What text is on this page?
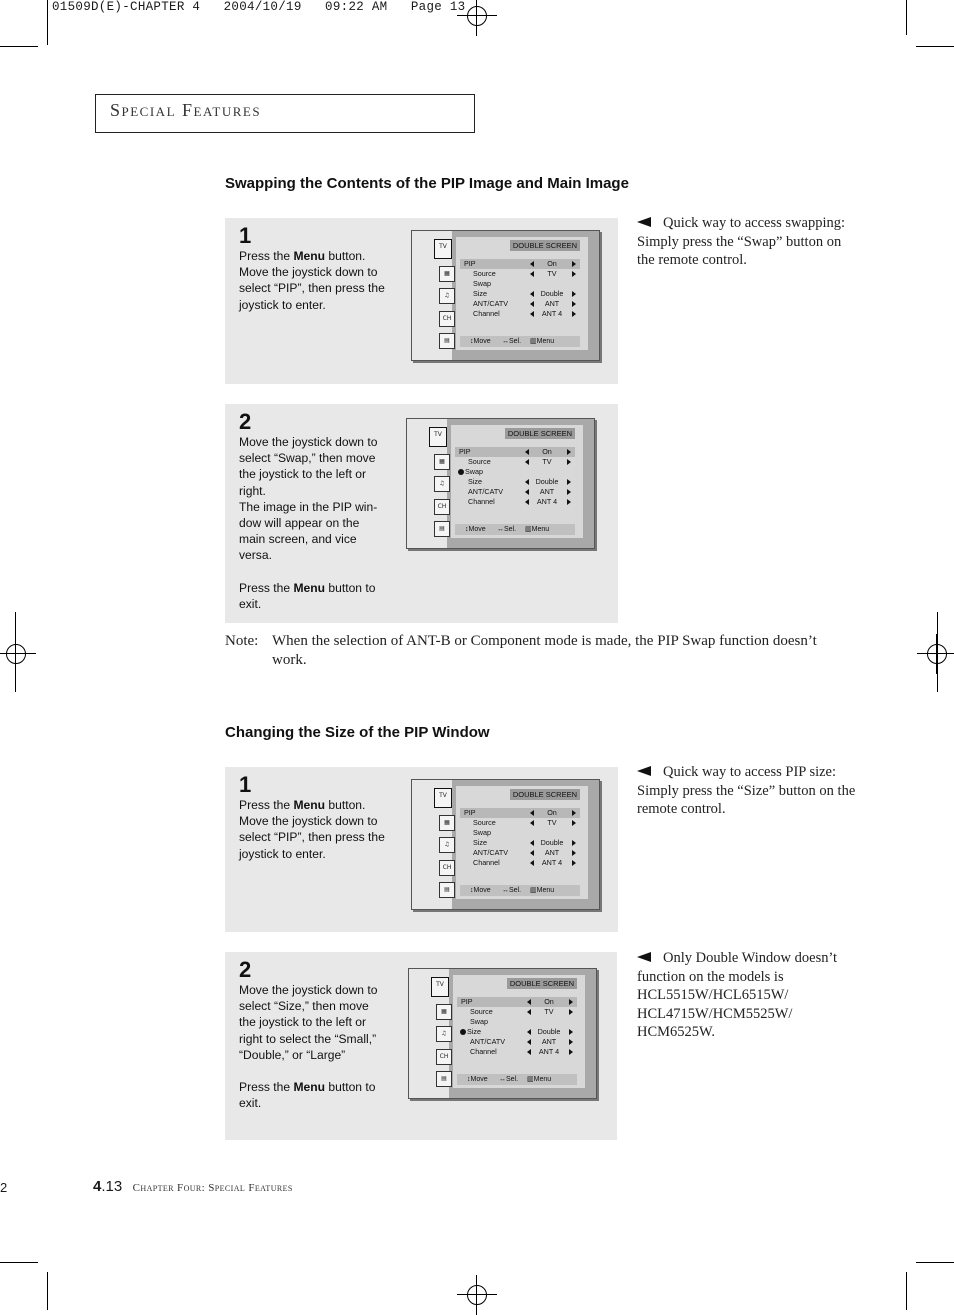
01509D(E)-CHAPTER 4   2004/10/19   09:22 AM   Page 13
Special Features
Swapping the Contents of the PIP Image and Main Image
1

Press the Menu button. Move the joystick down to select “PIP”, then press the joystick to enter.

2

Move the joystick down to select “Swap,” then move the joystick to the left or right.

The image in the PIP win-dow will appear on the main screen, and vice versa.

Press the Menu button to exit.

Quick way to access swapping: Simply press the “Swap” button on the remote control.
Note: When the selection of ANT-B or Component mode is made, the PIP Swap function doesn’t work.
Changing the Size of the PIP Window
1

Press the Menu button. Move the joystick down to select “PIP”, then press the joystick to enter.

2

Move the joystick down to select “Size,” then move the joystick to the left or right to select the “Small,” “Double,” or “Large”

Press the Menu button to exit.

Quick way to access PIP size: Simply press the “Size” button on the remote control.
Only Double Window doesn’t function on the models is HCL5515W/HCL6515W/ HCL4715W/HCM5525W/ HCM6525W.
TV
▦
♫
CH
▤
DOUBLE SCREEN
PIP	On
Source	TV
Swap
Size	Double
ANT/CATV	ANT
Channel	ANT 4
↕Move ↔Sel. ▥ Menu
TV
▦
♫
CH
▤
DOUBLE SCREEN
PIP	On
Source	TV
Swap
Size	Double
ANT/CATV	ANT
Channel	ANT 4
↕Move ↔Sel. ▥ Menu
TV
▦
♫
CH
▤
DOUBLE SCREEN
PIP	On
Source	TV
Swap
Size	Double
ANT/CATV	ANT
Channel	ANT 4
↕Move ↔Sel. ▥ Menu
TV
▦
♫
CH
▤
DOUBLE SCREEN
PIP	On
Source	TV
Swap
Size	Double
ANT/CATV	ANT
Channel	ANT 4
↕Move ↔Sel. ▥ Menu
2	4.13 Chapter Four: Special Features
